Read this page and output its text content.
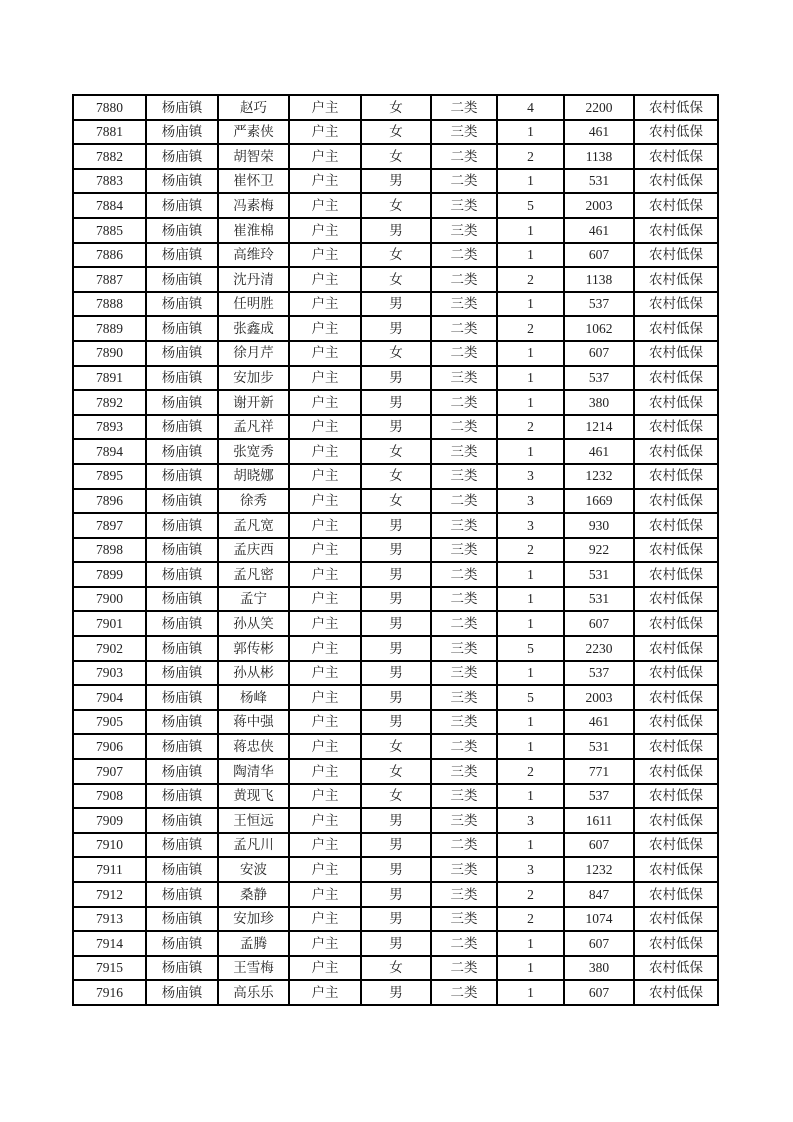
7880	杨庙镇	赵巧	户主	女	二类	4	2200	农村低保
7881	杨庙镇	严素侠	户主	女	三类	1	461	农村低保
7882	杨庙镇	胡智荣	户主	女	二类	2	1138	农村低保
7883	杨庙镇	崔怀卫	户主	男	二类	1	531	农村低保
7884	杨庙镇	冯素梅	户主	女	三类	5	2003	农村低保
7885	杨庙镇	崔淮棉	户主	男	三类	1	461	农村低保
7886	杨庙镇	高维玲	户主	女	二类	1	607	农村低保
7887	杨庙镇	沈丹清	户主	女	二类	2	1138	农村低保
7888	杨庙镇	任明胜	户主	男	三类	1	537	农村低保
7889	杨庙镇	张鑫成	户主	男	二类	2	1062	农村低保
7890	杨庙镇	徐月芹	户主	女	二类	1	607	农村低保
7891	杨庙镇	安加步	户主	男	三类	1	537	农村低保
7892	杨庙镇	谢开新	户主	男	二类	1	380	农村低保
7893	杨庙镇	孟凡祥	户主	男	二类	2	1214	农村低保
7894	杨庙镇	张宽秀	户主	女	三类	1	461	农村低保
7895	杨庙镇	胡晓娜	户主	女	三类	3	1232	农村低保
7896	杨庙镇	徐秀	户主	女	二类	3	1669	农村低保
7897	杨庙镇	孟凡宽	户主	男	三类	3	930	农村低保
7898	杨庙镇	孟庆西	户主	男	三类	2	922	农村低保
7899	杨庙镇	孟凡密	户主	男	二类	1	531	农村低保
7900	杨庙镇	孟宁	户主	男	二类	1	531	农村低保
7901	杨庙镇	孙从笑	户主	男	二类	1	607	农村低保
7902	杨庙镇	郭传彬	户主	男	三类	5	2230	农村低保
7903	杨庙镇	孙从彬	户主	男	三类	1	537	农村低保
7904	杨庙镇	杨峰	户主	男	三类	5	2003	农村低保
7905	杨庙镇	蒋中强	户主	男	三类	1	461	农村低保
7906	杨庙镇	蒋忠侠	户主	女	二类	1	531	农村低保
7907	杨庙镇	陶清华	户主	女	三类	2	771	农村低保
7908	杨庙镇	黄现飞	户主	女	三类	1	537	农村低保
7909	杨庙镇	王恒远	户主	男	三类	3	1611	农村低保
7910	杨庙镇	孟凡川	户主	男	二类	1	607	农村低保
7911	杨庙镇	安波	户主	男	三类	3	1232	农村低保
7912	杨庙镇	桑静	户主	男	三类	2	847	农村低保
7913	杨庙镇	安加珍	户主	男	三类	2	1074	农村低保
7914	杨庙镇	孟腾	户主	男	二类	1	607	农村低保
7915	杨庙镇	王雪梅	户主	女	二类	1	380	农村低保
7916	杨庙镇	高乐乐	户主	男	二类	1	607	农村低保
